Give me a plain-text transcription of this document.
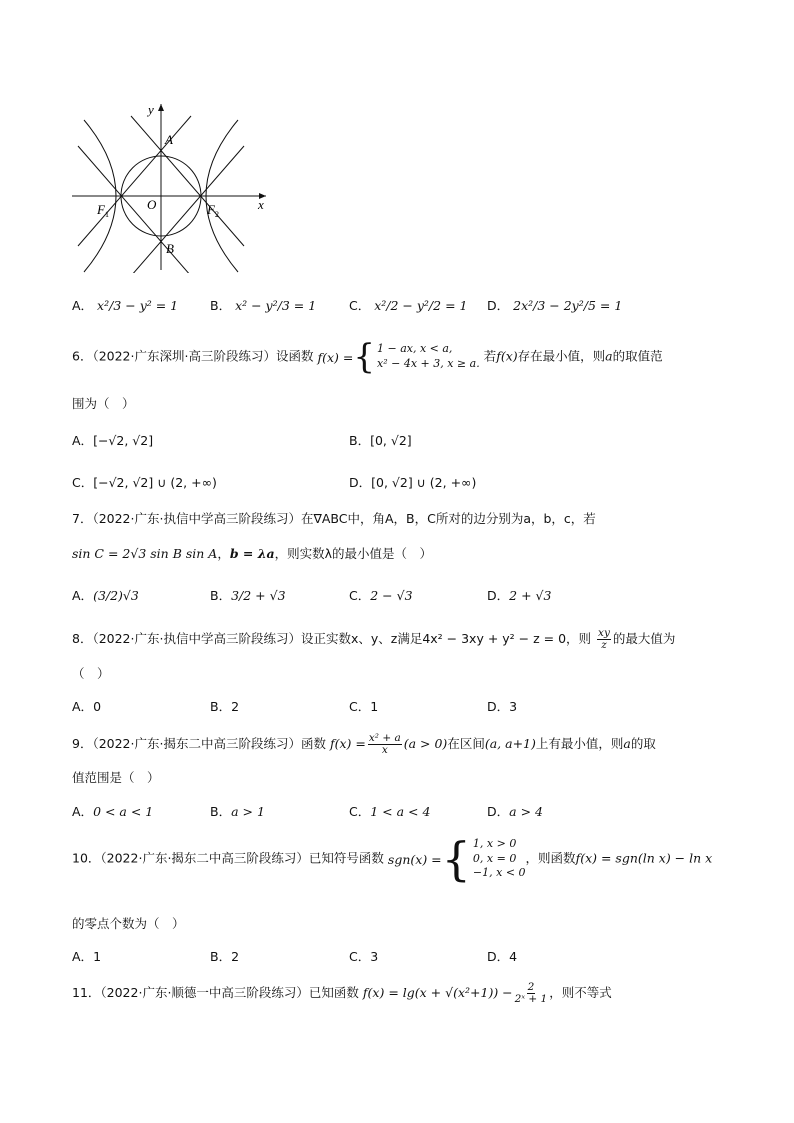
y
x
A
B
O
$F_1$	$F_2$
A． x²/3 − y² = 1	B． x² − y²/3 = 1	C． x²/2 − y²/2 = 1 D． 2x²/3 − 2y²/5 = 1
6．（2022·广东深圳·高三阶段练习）设函数 f(x) = { 1 − ax, x < a,
x² − 4x + 3, x ≥ a. 若f(x)存在最小值，则a的取值范
围为（　）
A．[−√2, √2]	B．[0, √2]
C．[−√2, √2] ∪ (2, +∞)	D．[0, √2] ∪ (2, +∞)
7．（2022·广东·执信中学高三阶段练习）在∇ABC中，角A，B，C所对的边分别为a，b，c，若
sin C = 2√3 sin B sin A，b = λa，则实数λ的最小值是（　）
A．(3/2)√3	B．3/2 + √3	C．2 − √3	D．2 + √3
8．（2022·广东·执信中学高三阶段练习）设正实数x、y、z满足4x² − 3xy + y² − z = 0，则 $\frac{xy}{z}$ 的最大值为
（　）
A．0	B．2	C．1	D．3
9．（2022·广东·揭东二中高三阶段练习）函数 $f(x) = \frac{\text{x² + a}}{x} (a > 0)$在区间(a, a+1)上有最小值，则a的取
值范围是（　）
A．0 < a < 1	B．a > 1	C．1 < a < 4	D．a > 4
10．（2022·广东·揭东二中高三阶段练习）已知符号函数 sgn(x) = { 1, x > 0
0, x = 0
−1, x < 0
，则函数f(x) = sgn(ln x) − ln x
的零点个数为（　）
A．1	B．2	C．3	D．4
11．（2022·广东·顺德一中高三阶段练习）已知函数 $f(x) = \lg(x + √(x^2+1)) - \frac{2}{\text{2ˣ + 1}}$ ，则不等式
